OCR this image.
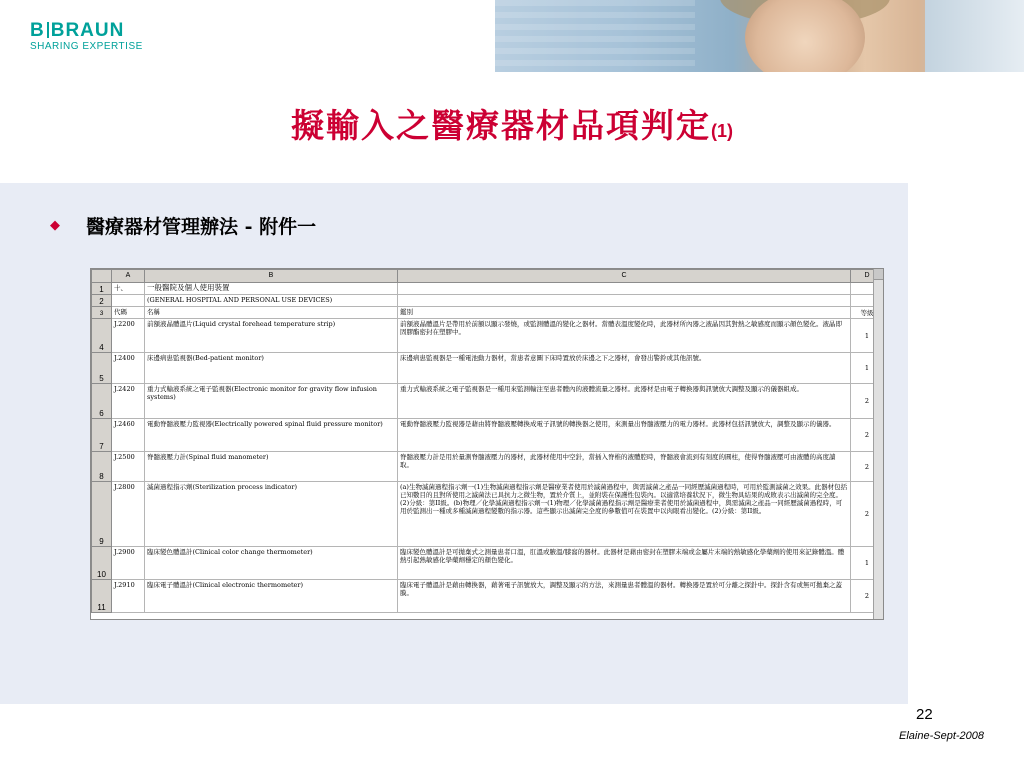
B BRAUN
SHARING EXPERTISE
擬輸入之醫療器材品項判定(1)
◆ 醫療器材管理辦法 - 附件一
	A	B	C	D
1	十、	一般醫院及個人使用裝置		
2		(GENERAL HOSPITAL AND PERSONAL USE DEVICES)		
3	代碼	名稱	鑑別	等級
4	J.2200	前額液晶體溫片(Liquid crystal forehead temperature strip)	前額液晶體溫片是帶用於前額以顯示發燒，或監測體溫的變化之器材。當體表溫度變化時，此器材所內器之液晶因其對熱之敏感度而顯示顏色變化。液晶即固膠酯密封在塑膠中。	1
5	J.2400	床邊病患監視器(Bed-patient monitor)	床邊病患監視器是一種電池動力器材，當患者意圖下床時置放於床邊之下之器材，會發出警鈴或其他訊號。	1
6	J.2420	重力式輸液系統之電子監視器(Electronic monitor for gravity flow infusion systems)	重力式輸液系統之電子監視器是一種用來監測輸注至患者體內的液體流量之器材。此器材是由電子轉換器與訊號放大調整及顯示的儀器組成。	2
7	J.2460	電動脊髓液壓力監視器(Electrically powered spinal fluid pressure monitor)	電動脊髓液壓力監視器是藉由將脊髓液壓轉換成電子訊號的轉換器之使用，來測量出脊髓液壓力的電力器材。此器材包括訊號放大，調整及顯示的儀器。	2
8	J.2500	脊髓液壓力計(Spinal fluid manometer)	脊髓液壓力計是用於量測脊髓液壓力的器材，此器材使用中空針，當插入脊椎的液體腔時，脊髓液會流到有刻度的圓柱，使得脊髓液壓可由液體的高度讀取。	2
9	J.2800	滅菌過程指示劑(Sterilization process indicator)	(a)生物滅菌過程指示劑一(1)生物滅菌過程指示劑是醫療業者使用於滅菌過程中，與需滅菌之產品一同經歷滅菌過程時，可用於監測滅菌之效果。此器材包括已知數目的且對所使用之滅菌法已具抗力之微生物，置於介質上，並附裝在保護性包裝內。以適當培養狀況下，微生物具結果的成敗表示出滅菌的完全度。(2)分級：第II級。(b)物理／化學滅菌過程指示劑一(1)物理／化學滅菌過程指示劑是醫療業者使用於滅菌過程中，與需滅菌之產品一同經歷滅菌過程時，可用於監測出一種或多種滅菌過程變數的指示器。這些顯示出滅菌完全度的參數值可在裝置中以肉眼看出變化。(2)分級：第II級。	2
10	J.2900	臨床變色體溫計(Clinical color change thermometer)	臨床變色體溫計是可拋棄式之測量患者口溫，肛溫或腋溫/膝窩的器材。此器材是藉由密封在塑膠末端或金屬片末端的熱敏感化學藥劑的使用來記錄體溫。體熱引起熱敏感化學藥劑穩定的顏色變化。	1
11	J.2910	臨床電子體溫計(Clinical electronic thermometer)	臨床電子體溫計是藉由轉換器，藉著電子訊號放大，調整及顯示的方法，來測量患者體溫的器材。轉換器是置於可分離之探針中。探針含有或無可拋棄之蓋膜。	2
22
Elaine-Sept-2008
